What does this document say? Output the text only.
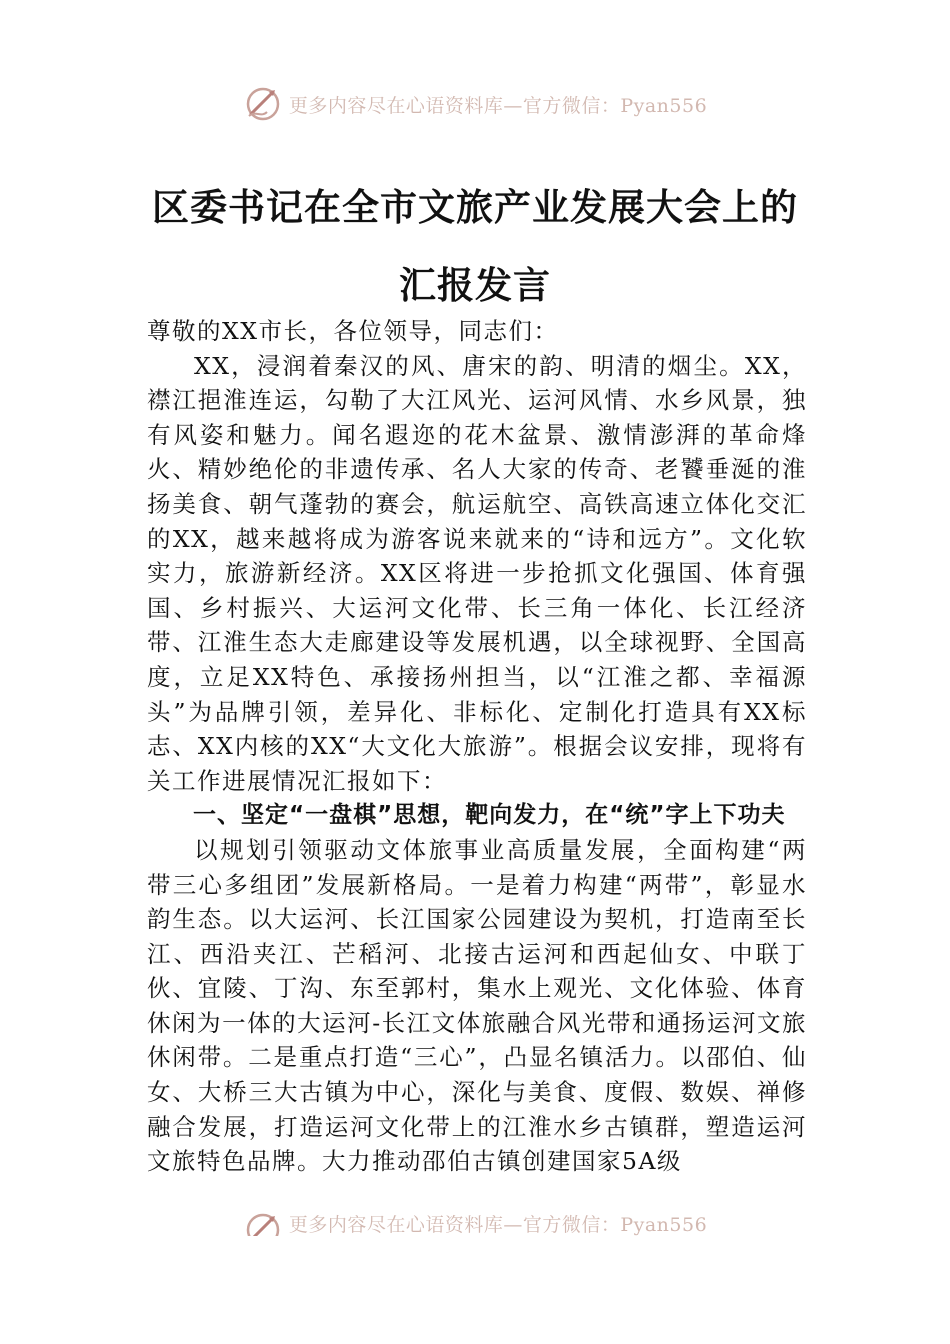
更多内容尽在心语资料库—官方微信：Pyan556
区委书记在全市文旅产业发展大会上的汇报发言

尊敬的XX市长，各位领导，同志们：

XX，浸润着秦汉的风、唐宋的韵、明清的烟尘。XX，襟江挹淮连运，勾勒了大江风光、运河风情、水乡风景，独有风姿和魅力。闻名遐迩的花木盆景、激情澎湃的革命烽火、精妙绝伦的非遗传承、名人大家的传奇、老饕垂涎的淮扬美食、朝气蓬勃的赛会，航运航空、高铁高速立体化交汇的XX，越来越将成为游客说来就来的“诗和远方”。文化软实力，旅游新经济。XX区将进一步抢抓文化强国、体育强国、乡村振兴、大运河文化带、长三角一体化、长江经济带、江淮生态大走廊建设等发展机遇，以全球视野、全国高度，立足XX特色、承接扬州担当，以“江淮之都、幸福源头”为品牌引领，差异化、非标化、定制化打造具有XX标志、XX内核的XX“大文化大旅游”。根据会议安排，现将有关工作进展情况汇报如下：

一、坚定“一盘棋”思想，靶向发力，在“统”字上下功夫

以规划引领驱动文体旅事业高质量发展，全面构建“两带三心多组团”发展新格局。一是着力构建“两带”，彰显水韵生态。以大运河、长江国家公园建设为契机，打造南至长江、西沿夹江、芒稻河、北接古运河和西起仙女、中联丁伙、宜陵、丁沟、东至郭村，集水上观光、文化体验、体育休闲为一体的大运河-长江文体旅融合风光带和通扬运河文旅休闲带。二是重点打造“三心”，凸显名镇活力。以邵伯、仙女、大桥三大古镇为中心，深化与美食、度假、数娱、禅修融合发展，打造运河文化带上的江淮水乡古镇群，塑造运河文旅特色品牌。大力推动邵伯古镇创建国家5A级

更多内容尽在心语资料库—官方微信：Pyan556
